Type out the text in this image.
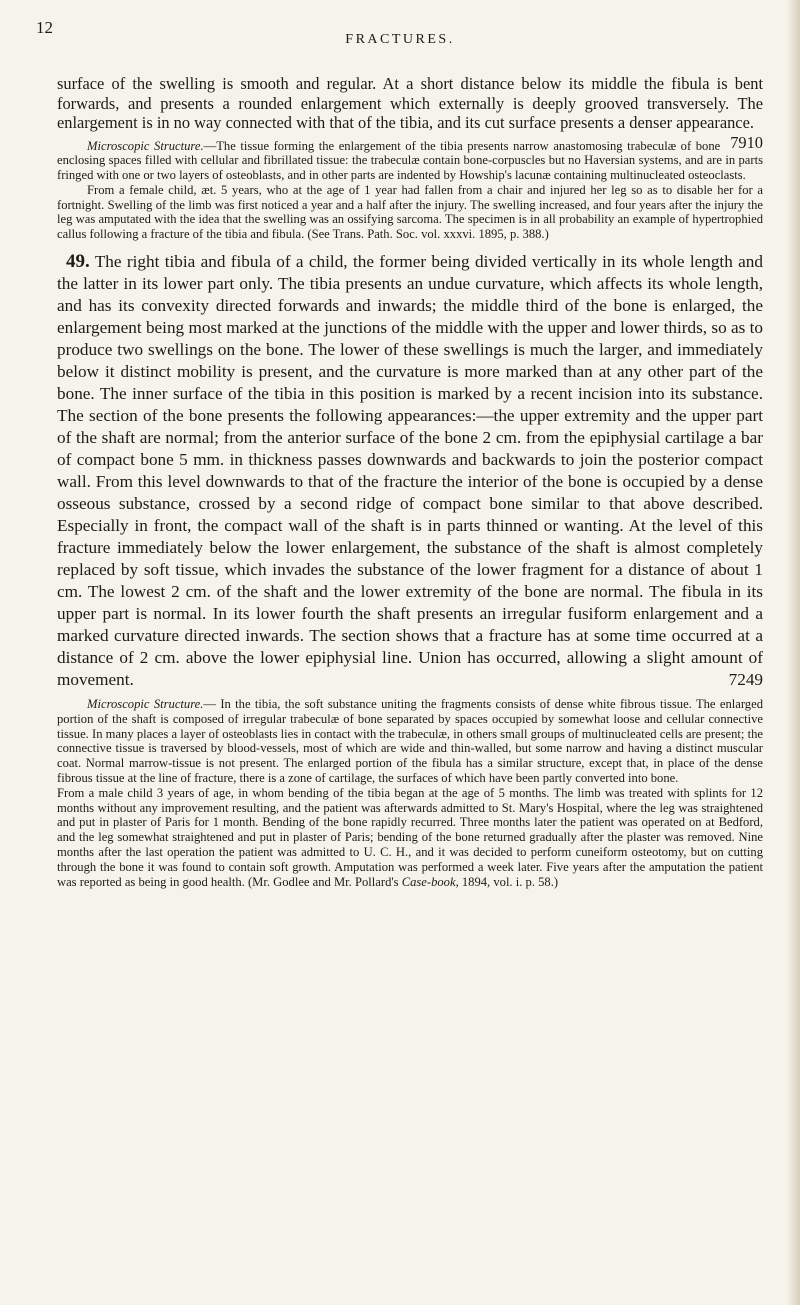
12
FRACTURES.

surface of the swelling is smooth and regular. At a short distance below its middle the fibula is bent forwards, and presents a rounded enlargement which externally is deeply grooved transversely. The enlargement is in no way connected with that of the tibia, and its cut surface presents a denser appearance.
7910

Microscopic Structure.—The tissue forming the enlargement of the tibia presents narrow anastomosing trabeculæ of bone enclosing spaces filled with cellular and fibrillated tissue: the trabeculæ contain bone-corpuscles but no Haversian systems, and are in parts fringed with one or two layers of osteoblasts, and in other parts are indented by Howship's lacunæ containing multinucleated osteoclasts.

From a female child, æt. 5 years, who at the age of 1 year had fallen from a chair and injured her leg so as to disable her for a fortnight. Swelling of the limb was first noticed a year and a half after the injury. The swelling increased, and four years after the injury the leg was amputated with the idea that the swelling was an ossifying sarcoma. The specimen is in all probability an example of hypertrophied callus following a fracture of the tibia and fibula. (See Trans. Path. Soc. vol. xxxvi. 1895, p. 388.)

49. The right tibia and fibula of a child, the former being divided vertically in its whole length and the latter in its lower part only. The tibia presents an undue curvature, which affects its whole length, and has its convexity directed forwards and inwards; the middle third of the bone is enlarged, the enlargement being most marked at the junctions of the middle with the upper and lower thirds, so as to produce two swellings on the bone. The lower of these swellings is much the larger, and immediately below it distinct mobility is present, and the curvature is more marked than at any other part of the bone. The inner surface of the tibia in this position is marked by a recent incision into its substance. The section of the bone presents the following appearances:—the upper extremity and the upper part of the shaft are normal; from the anterior surface of the bone 2 cm. from the epiphysial cartilage a bar of compact bone 5 mm. in thickness passes downwards and backwards to join the posterior compact wall. From this level downwards to that of the fracture the interior of the bone is occupied by a dense osseous substance, crossed by a second ridge of compact bone similar to that above described. Especially in front, the compact wall of the shaft is in parts thinned or wanting. At the level of this fracture immediately below the lower enlargement, the substance of the shaft is almost completely replaced by soft tissue, which invades the substance of the lower fragment for a distance of about 1 cm. The lowest 2 cm. of the shaft and the lower extremity of the bone are normal. The fibula in its upper part is normal. In its lower fourth the shaft presents an irregular fusiform enlargement and a marked curvature directed inwards. The section shows that a fracture has at some time occurred at a distance of 2 cm. above the lower epiphysial line. Union has occurred, allowing a slight amount of movement.	7249

Microscopic Structure.— In the tibia, the soft substance uniting the fragments consists of dense white fibrous tissue. The enlarged portion of the shaft is composed of irregular trabeculæ of bone separated by spaces occupied by somewhat loose and cellular connective tissue. In many places a layer of osteoblasts lies in contact with the trabeculæ, in others small groups of multinucleated cells are present; the connective tissue is traversed by blood-vessels, most of which are wide and thin-walled, but some narrow and having a distinct muscular coat. Normal marrow-tissue is not present. The enlarged portion of the fibula has a similar structure, except that, in place of the dense fibrous tissue at the line of fracture, there is a zone of cartilage, the surfaces of which have been partly converted into bone.

From a male child 3 years of age, in whom bending of the tibia began at the age of 5 months. The limb was treated with splints for 12 months without any improvement resulting, and the patient was afterwards admitted to St. Mary's Hospital, where the leg was straightened and put in plaster of Paris for 1 month. Bending of the bone rapidly recurred. Three months later the patient was operated on at Bedford, and the leg somewhat straightened and put in plaster of Paris; bending of the bone returned gradually after the plaster was removed. Nine months after the last operation the patient was admitted to U. C. H., and it was decided to perform cuneiform osteotomy, but on cutting through the bone it was found to contain soft growth. Amputation was performed a week later. Five years after the amputation the patient was reported as being in good health. (Mr. Godlee and Mr. Pollard's Case-book, 1894, vol. i. p. 58.)
